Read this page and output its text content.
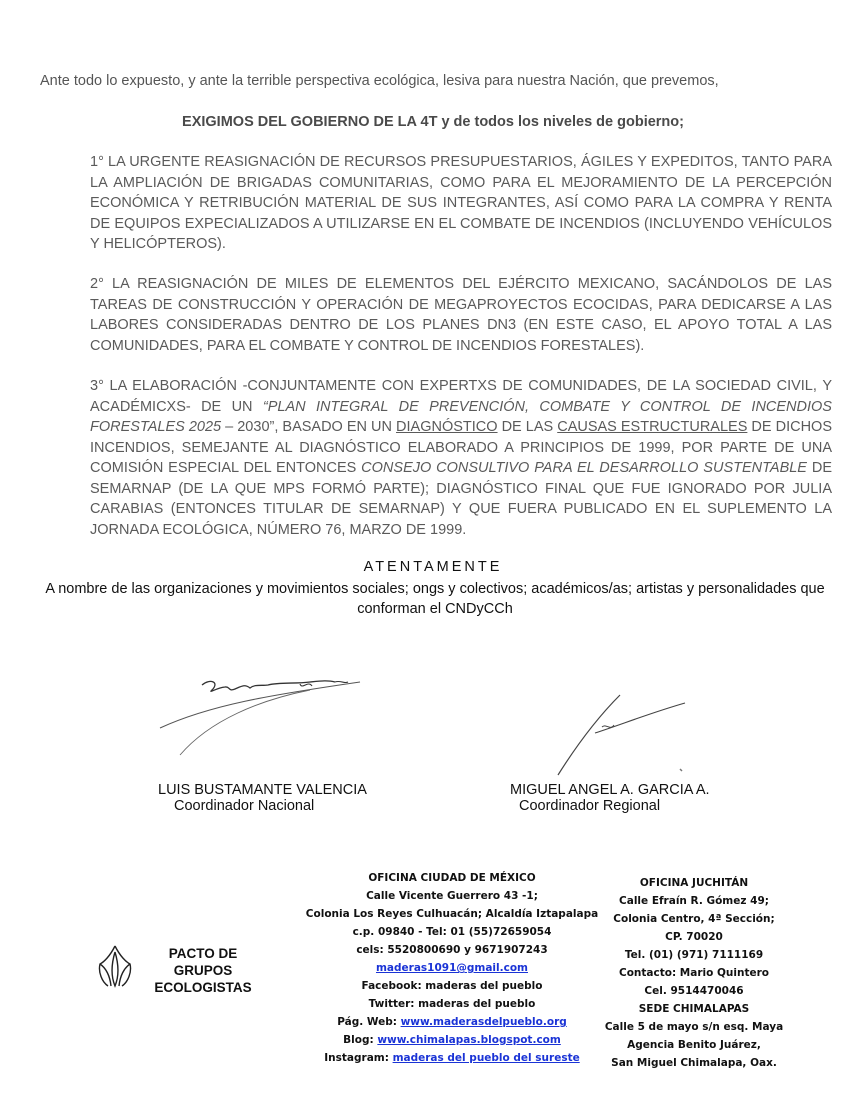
Ante todo lo expuesto, y ante la terrible perspectiva ecológica, lesiva para nuestra Nación, que prevemos,
EXIGIMOS DEL GOBIERNO DE LA 4T y de todos los niveles de gobierno;
1° LA URGENTE REASIGNACIÓN DE RECURSOS PRESUPUESTARIOS, ÁGILES Y EXPEDITOS, TANTO PARA LA AMPLIACIÓN DE BRIGADAS COMUNITARIAS, COMO PARA EL MEJORAMIENTO DE LA PERCEPCIÓN ECONÓMICA Y RETRIBUCIÓN MATERIAL DE SUS INTEGRANTES, ASÍ COMO PARA LA COMPRA Y RENTA DE EQUIPOS EXPECIALIZADOS A UTILIZARSE EN EL COMBATE DE INCENDIOS (INCLUYENDO VEHÍCULOS Y HELICÓPTEROS).
2° LA REASIGNACIÓN DE MILES DE ELEMENTOS DEL EJÉRCITO MEXICANO, SACÁNDOLOS DE LAS TAREAS DE CONSTRUCCIÓN Y OPERACIÓN DE MEGAPROYECTOS ECOCIDAS, PARA DEDICARSE A LAS LABORES CONSIDERADAS DENTRO DE LOS PLANES DN3 (EN ESTE CASO, EL APOYO TOTAL A LAS COMUNIDADES, PARA EL COMBATE Y CONTROL DE INCENDIOS FORESTALES).
3° LA ELABORACIÓN -CONJUNTAMENTE CON EXPERTXS DE COMUNIDADES, DE LA SOCIEDAD CIVIL, Y ACADÉMICXS- DE UN “PLAN INTEGRAL DE PREVENCIÓN, COMBATE Y CONTROL DE INCENDIOS FORESTALES 2025 – 2030”, BASADO EN UN DIAGNÓSTICO DE LAS CAUSAS ESTRUCTURALES DE DICHOS INCENDIOS, SEMEJANTE AL DIAGNÓSTICO ELABORADO A PRINCIPIOS DE 1999, POR PARTE DE UNA COMISIÓN ESPECIAL DEL ENTONCES CONSEJO CONSULTIVO PARA EL DESARROLLO SUSTENTABLE DE SEMARNAP (DE LA QUE MPS FORMÓ PARTE); DIAGNÓSTICO FINAL QUE FUE IGNORADO POR JULIA CARABIAS (ENTONCES TITULAR DE SEMARNAP) Y QUE FUERA PUBLICADO EN EL SUPLEMENTO LA JORNADA ECOLÓGICA, NÚMERO 76, MARZO DE 1999.
ATENTAMENTE
A nombre de las organizaciones y movimientos sociales; ongs y colectivos; académicos/as; artistas y personalidades que conforman el CNDyCCh
LUIS BUSTAMANTE VALENCIA
Coordinador Nacional
MIGUEL ANGEL A. GARCIA A.
Coordinador Regional
PACTO DE
GRUPOS
ECOLOGISTAS
OFICINA CIUDAD DE MÉXICO
Calle Vicente Guerrero 43 -1;
Colonia Los Reyes Culhuacán; Alcaldía Iztapalapa
c.p. 09840 - Tel: 01 (55)72659054
cels: 5520800690 y 9671907243
maderas1091@gmail.com
Facebook: maderas del pueblo
Twitter: maderas del pueblo
Pág. Web: www.maderasdelpueblo.org
Blog: www.chimalapas.blogspot.com
Instagram: maderas del pueblo del sureste
OFICINA JUCHITÁN
Calle Efraín R. Gómez 49;
Colonia Centro, 4ª Sección;
CP. 70020
Tel. (01) (971) 7111169
Contacto: Mario Quintero
Cel. 9514470046
SEDE CHIMALAPAS
Calle 5 de mayo s/n esq. Maya
Agencia Benito Juárez,
San Miguel Chimalapa, Oax.
